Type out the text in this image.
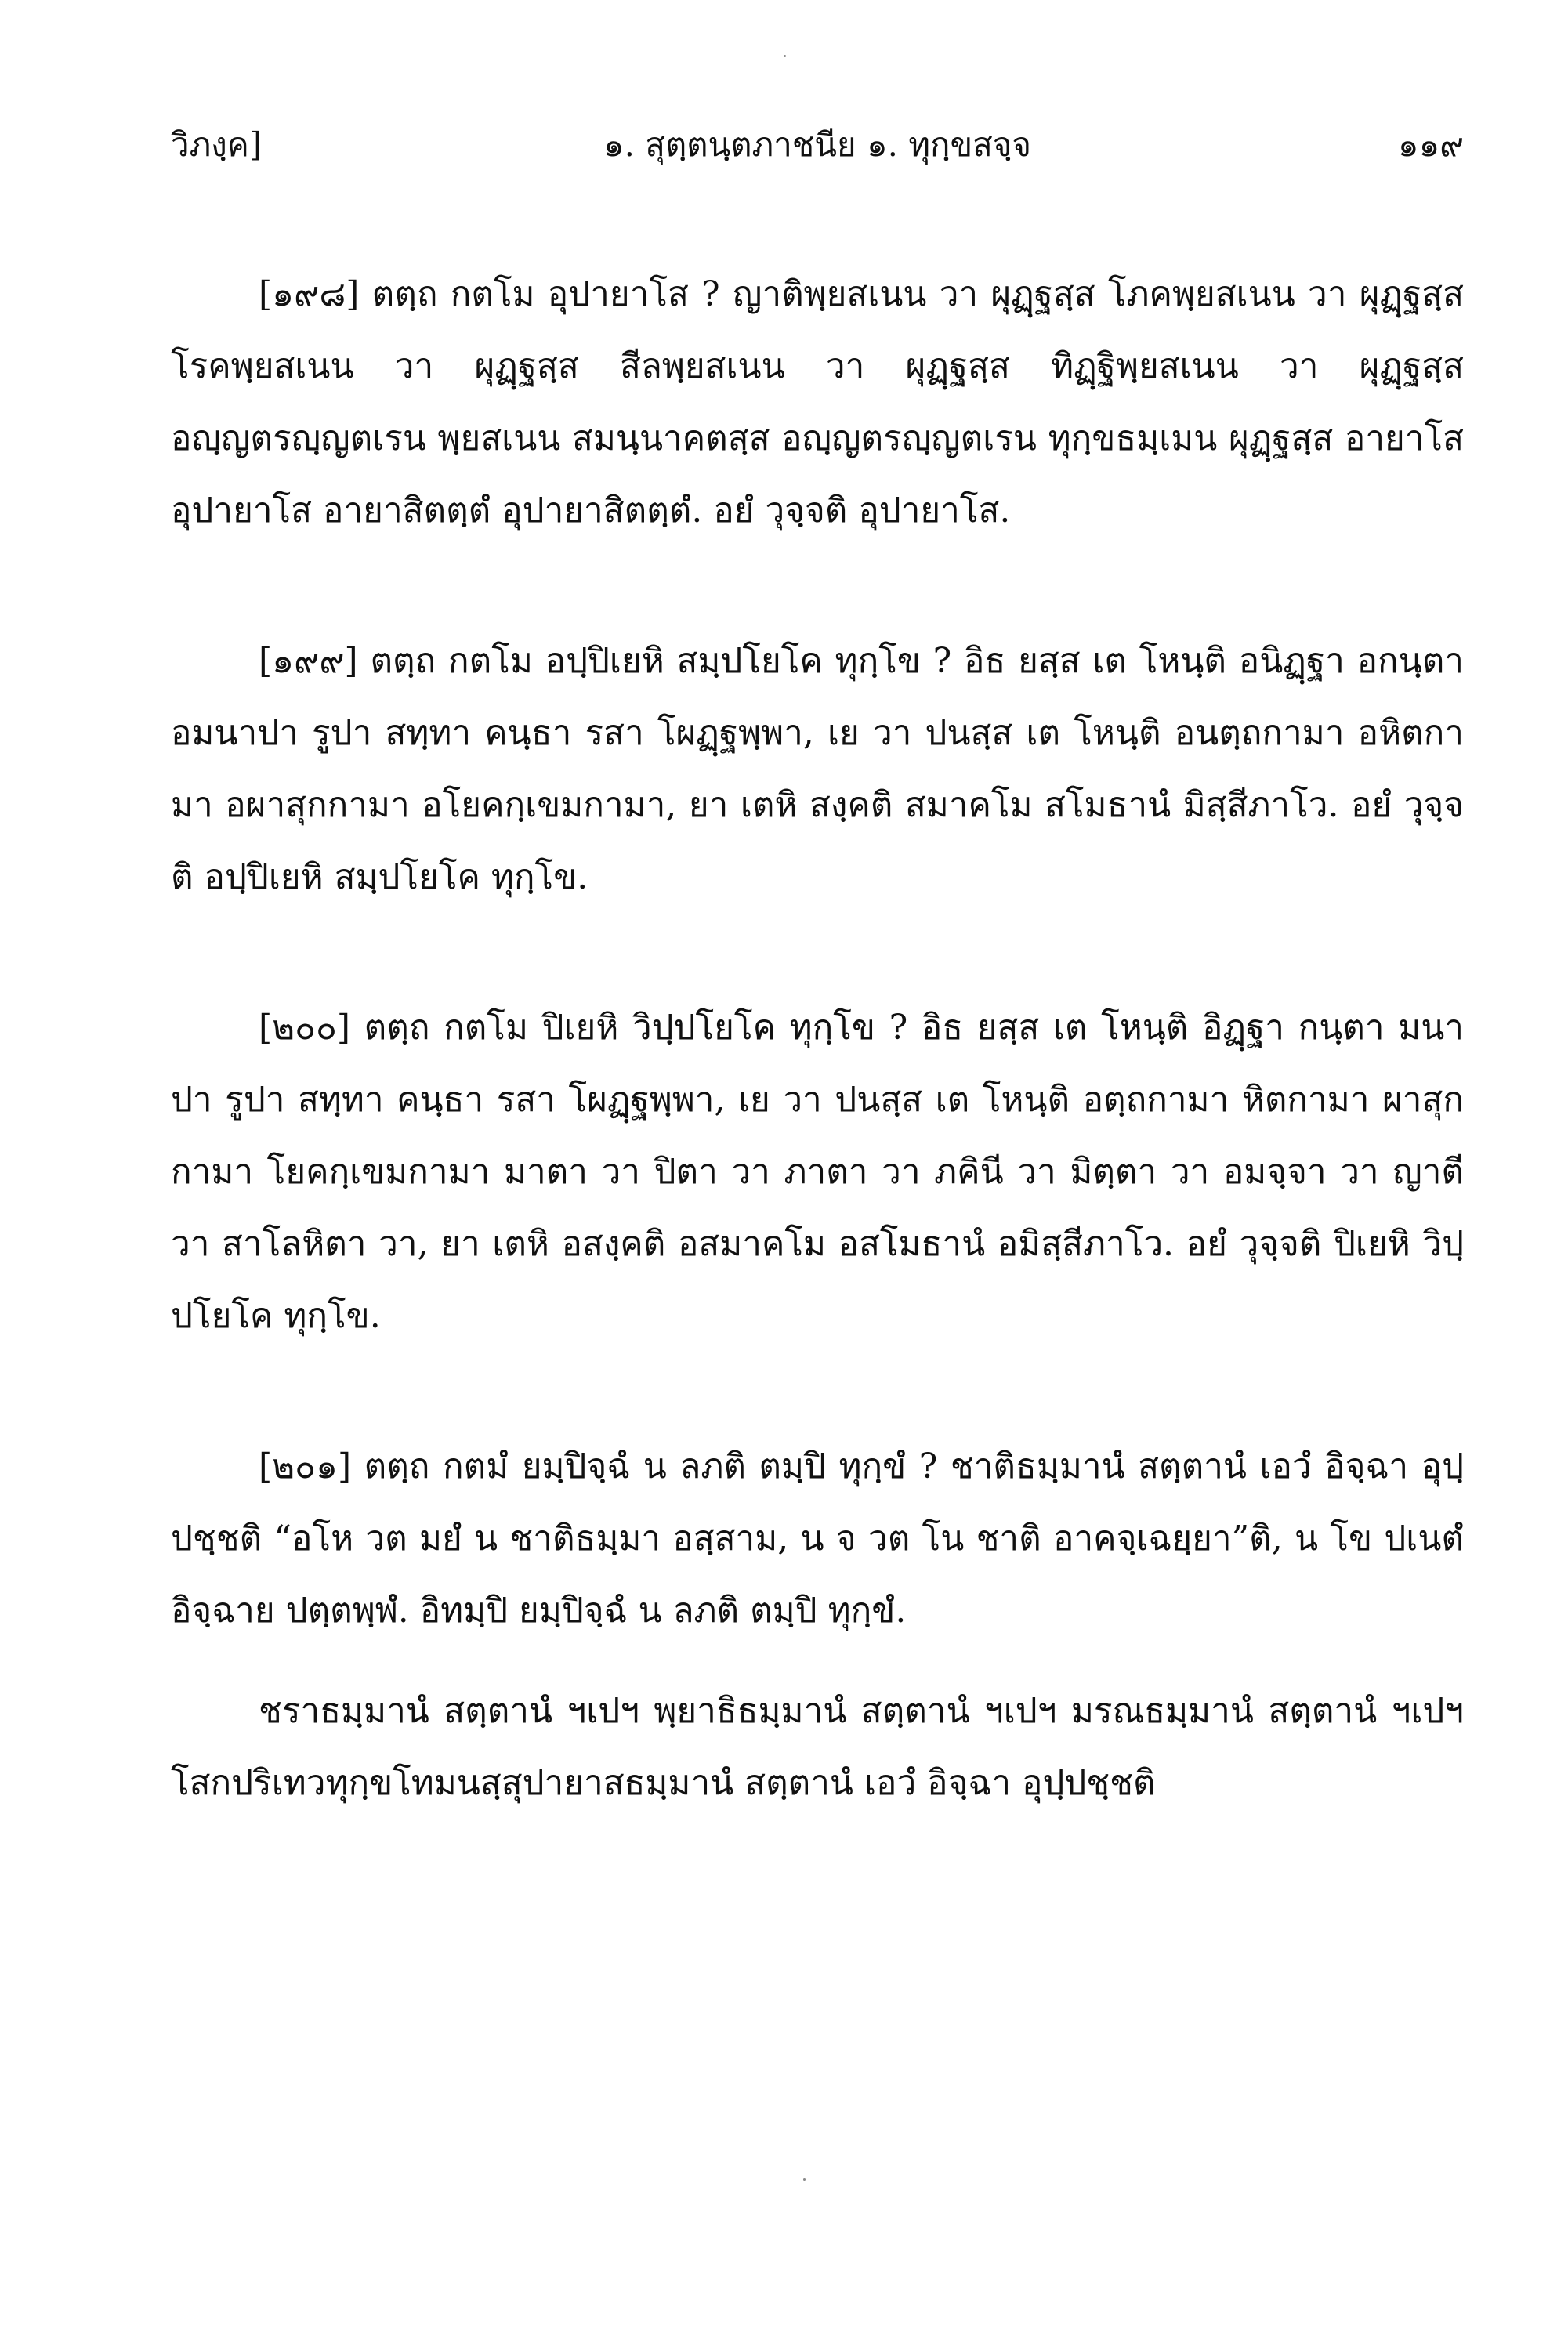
วิภงฺค]	๑. สุตฺตนฺตภาชนีย ๑. ทุกฺขสจฺจ	๑๑๙

[๑๙๘] ตตฺถ กตโม อุปายาโส ? ญาติพฺยสเนน วา ผุฏฺฐสฺส โภคพฺยสเนน วา ผุฏฺฐสฺส โรคพฺยสเนน วา ผุฏฺฐสฺส สีลพฺยสเนน วา ผุฏฺฐสฺส ทิฏฺฐิพฺยสเนน วา ผุฏฺฐสฺส อญฺญตรญฺญตเรน พฺยสเนน สมนฺนาคตสฺส อญฺญตรญฺญตเรน ทุกฺขธมฺเมน ผุฏฺฐสฺส อายาโส อุปายาโส อายาสิตตฺตํ อุปายาสิตตฺตํ. อยํ วุจฺจติ อุปายาโส.

[๑๙๙] ตตฺถ กตโม อปฺปิเยหิ สมฺปโยโค ทุกฺโข ? อิธ ยสฺส เต โหนฺติ อนิฏฺฐา อกนฺตา อมนาปา รูปา สทฺทา คนฺธา รสา โผฏฺฐพฺพา, เย วา ปนสฺส เต โหนฺติ อนตฺถกามา อหิตกามา อผาสุกกามา อโยคกฺเขมกามา, ยา เตหิ สงฺคติ สมาคโม สโมธานํ มิสฺสีภาโว. อยํ วุจฺจติ อปฺปิเยหิ สมฺปโยโค ทุกฺโข.

[๒๐๐] ตตฺถ กตโม ปิเยหิ วิปฺปโยโค ทุกฺโข ? อิธ ยสฺส เต โหนฺติ อิฏฺฐา กนฺตา มนาปา รูปา สทฺทา คนฺธา รสา โผฏฺฐพฺพา, เย วา ปนสฺส เต โหนฺติ อตฺถกามา หิตกามา ผาสุกกามา โยคกฺเขมกามา มาตา วา ปิตา วา ภาตา วา ภคินี วา มิตฺตา วา อมจฺจา วา ญาตี วา สาโลหิตา วา, ยา เตหิ อสงฺคติ อสมาคโม อสโมธานํ อมิสฺสีภาโว. อยํ วุจฺจติ ปิเยหิ วิปฺปโยโค ทุกฺโข.

[๒๐๑] ตตฺถ กตมํ ยมฺปิจฺฉํ น ลภติ ตมฺปิ ทุกฺขํ ? ชาติธมฺมานํ สตฺตานํ เอวํ อิจฺฉา อุปฺปชฺชติ “อโห วต มยํ น ชาติธมฺมา อสฺสาม, น จ วต โน ชาติ อาคจฺเฉยฺยา”ติ, น โข ปเนตํ อิจฺฉาย ปตฺตพฺพํ. อิทมฺปิ ยมฺปิจฺฉํ น ลภติ ตมฺปิ ทุกฺขํ.

ชราธมฺมานํ สตฺตานํ ฯเปฯ พฺยาธิธมฺมานํ สตฺตานํ ฯเปฯ มรณธมฺมานํ สตฺตานํ ฯเปฯ โสกปริเทวทุกฺขโทมนสฺสุปายาสธมฺมานํ สตฺตานํ เอวํ อิจฺฉา อุปฺปชฺชติ
